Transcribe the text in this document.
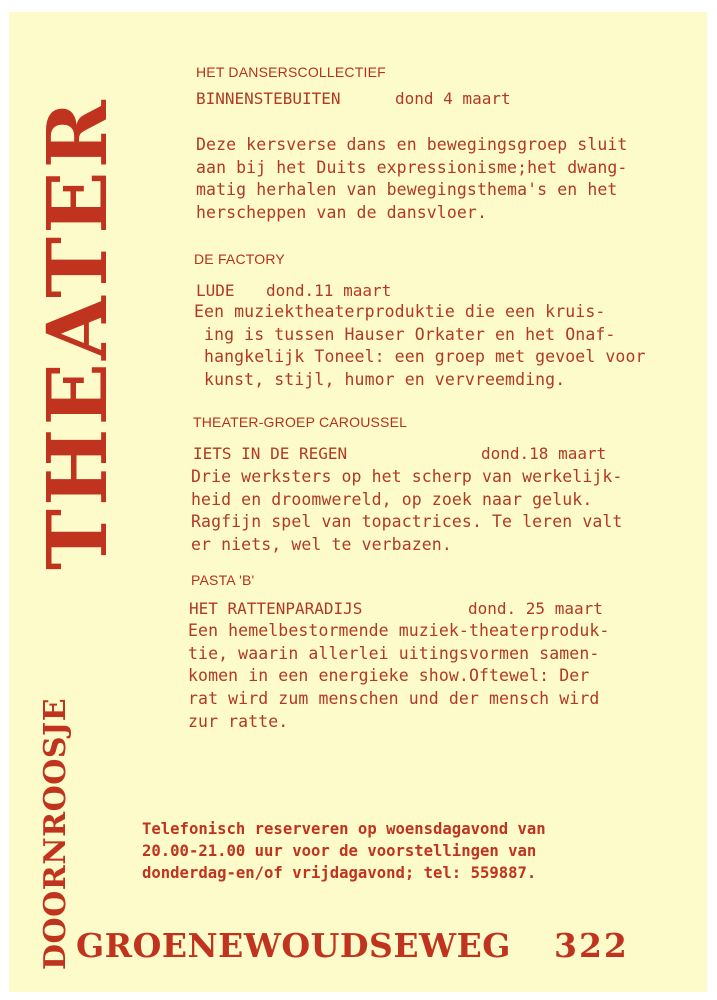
THEATER
DOORNROOSJE
HET DANSERSCOLLECTIEF
BINNENSTEBUITEN	dond 4 maart
Deze kersverse dans en bewegingsgroep sluit
aan bij het Duits expressionisme;het dwang-
matig herhalen van bewegingsthema's en het
herscheppen van de dansvloer.
DE FACTORY
LUDE dond.11 maart
Een muziektheaterproduktie die een kruis-
ing is tussen Hauser Orkater en het Onaf-
hangkelijk Toneel: een groep met gevoel voor
kunst, stijl, humor en vervreemding.
THEATER-GROEP CAROUSSEL
IETS IN DE REGEN	dond.18 maart
Drie werksters op het scherp van werkelijk-
heid en droomwereld, op zoek naar geluk.
Ragfijn spel van topactrices. Te leren valt
er niets, wel te verbazen.
PASTA 'B'
HET RATTENPARADIJS	dond. 25 maart
Een hemelbestormende muziek-theaterproduk-
tie, waarin allerlei uitingsvormen samen-
komen in een energieke show.Oftewel: Der
rat wird zum menschen und der mensch wird
zur ratte.
Telefonisch reserveren op woensdagavond van
20.00-21.00 uur voor de voorstellingen van
donderdag-en/of vrijdagavond; tel: 559887.
GROENEWOUDSEWEG 322
